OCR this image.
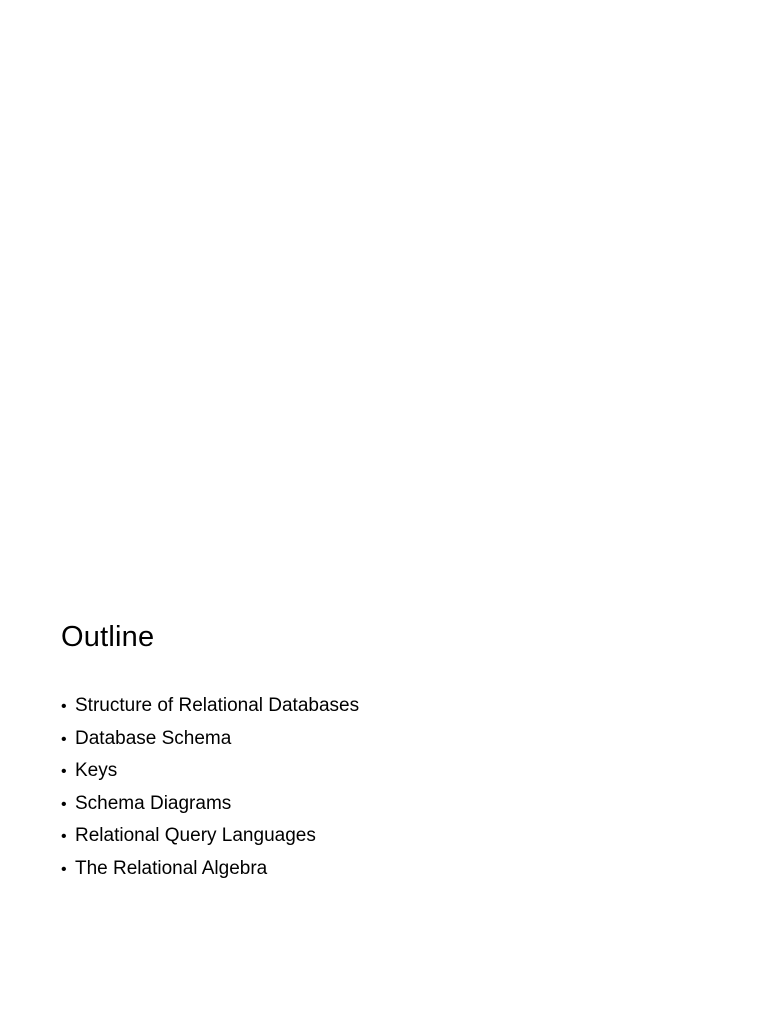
Outline
• Structure of Relational Databases
• Database Schema
• Keys
• Schema Diagrams
• Relational Query Languages
• The Relational Algebra
